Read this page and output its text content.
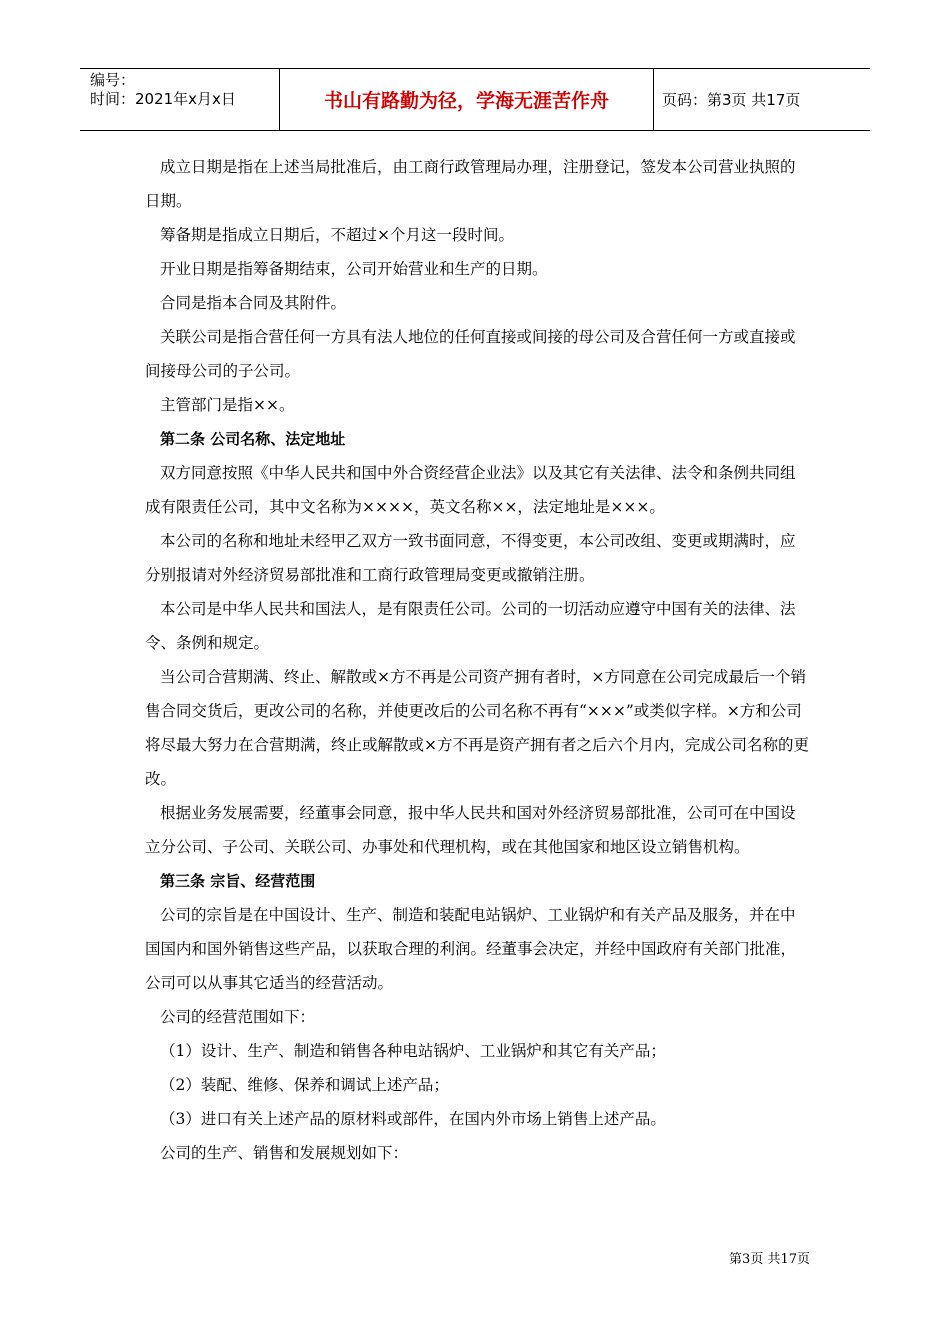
编号：
时间：2021年x月x日	书山有路勤为径，学海无涯苦作舟	页码：第3页 共17页

成立日期是指在上述当局批准后，由工商行政管理局办理，注册登记，签发本公司营业执照的日期。

筹备期是指成立日期后，不超过×个月这一段时间。

开业日期是指筹备期结束，公司开始营业和生产的日期。

合同是指本合同及其附件。

关联公司是指合营任何一方具有法人地位的任何直接或间接的母公司及合营任何一方或直接或间接母公司的子公司。

主管部门是指××。

第二条 公司名称、法定地址

双方同意按照《中华人民共和国中外合资经营企业法》以及其它有关法律、法令和条例共同组成有限责任公司，其中文名称为××××，英文名称××，法定地址是×××。

本公司的名称和地址未经甲乙双方一致书面同意，不得变更，本公司改组、变更或期满时，应分别报请对外经济贸易部批准和工商行政管理局变更或撤销注册。

本公司是中华人民共和国法人，是有限责任公司。公司的一切活动应遵守中国有关的法律、法令、条例和规定。

当公司合营期满、终止、解散或×方不再是公司资产拥有者时，×方同意在公司完成最后一个销售合同交货后，更改公司的名称，并使更改后的公司名称不再有“×××”或类似字样。×方和公司将尽最大努力在合营期满，终止或解散或×方不再是资产拥有者之后六个月内，完成公司名称的更改。

根据业务发展需要，经董事会同意，报中华人民共和国对外经济贸易部批准，公司可在中国设立分公司、子公司、关联公司、办事处和代理机构，或在其他国家和地区设立销售机构。

第三条 宗旨、经营范围

公司的宗旨是在中国设计、生产、制造和装配电站锅炉、工业锅炉和有关产品及服务，并在中国国内和国外销售这些产品，以获取合理的利润。经董事会决定，并经中国政府有关部门批准，公司可以从事其它适当的经营活动。

公司的经营范围如下：

（1）设计、生产、制造和销售各种电站锅炉、工业锅炉和其它有关产品；

（2）装配、维修、保养和调试上述产品；

（3）进口有关上述产品的原材料或部件，在国内外市场上销售上述产品。

公司的生产、销售和发展规划如下：

第3页 共17页
